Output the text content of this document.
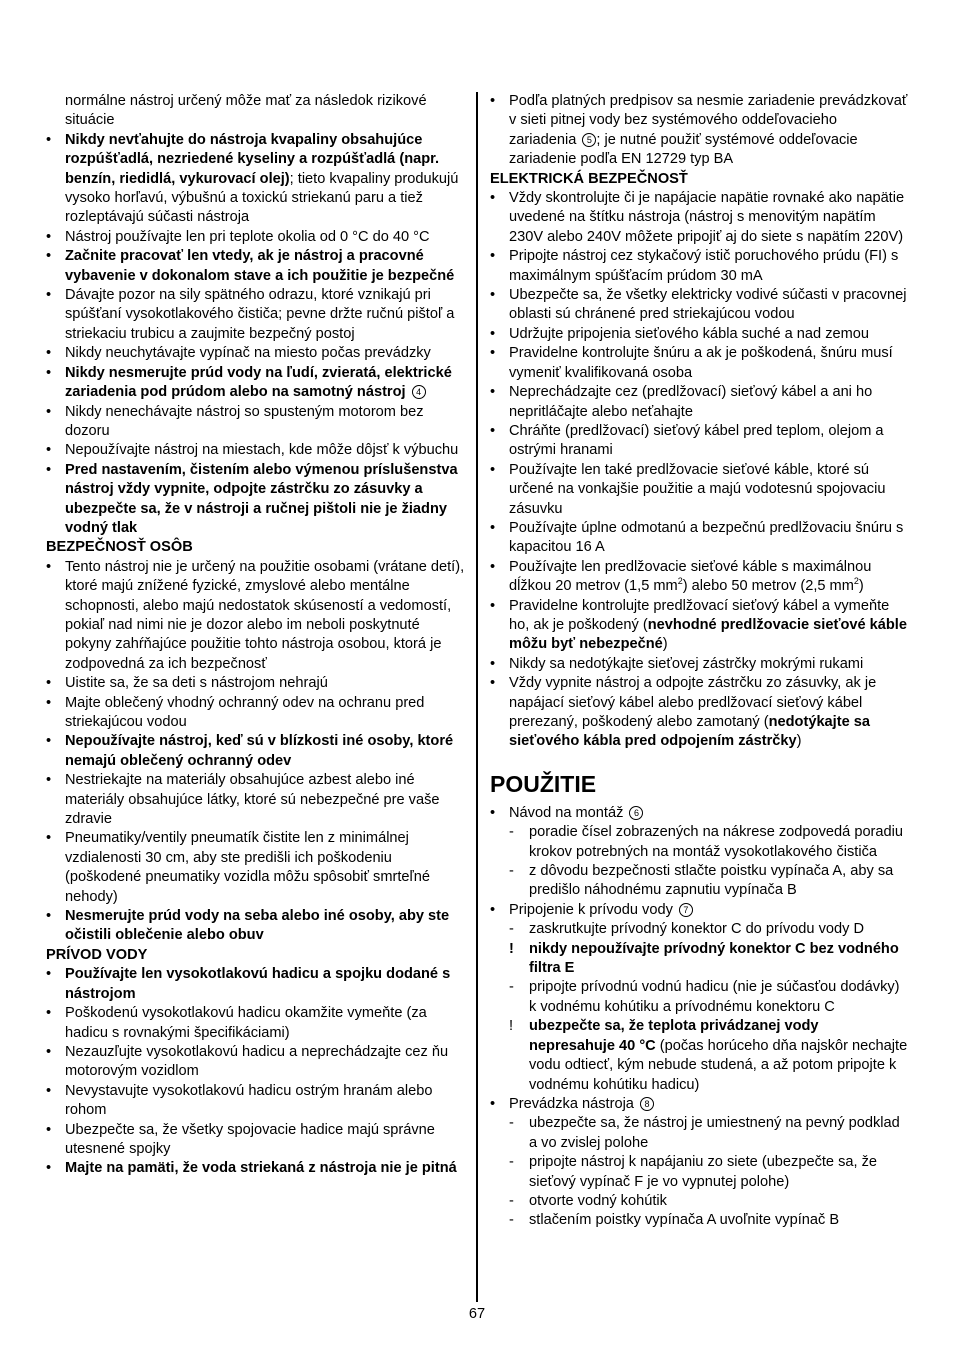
normálne nástroj určený môže mať za následok rizikové situácie
• Nikdy nevťahujte do nástroja kvapaliny obsahujúce rozpúšťadlá, nezriedené kyseliny a rozpúšťadlá (napr. benzín, riedidlá, vykurovací olej); tieto kvapaliny produkujú vysoko horľavú, výbušnú a toxickú striekanú paru a tiež rozleptávajú súčasti nástroja
• Nástroj používajte len pri teplote okolia od 0 °C do 40 °C
• Začnite pracovať len vtedy, ak je nástroj a pracovné vybavenie v dokonalom stave a ich použitie je bezpečné
• Dávajte pozor na sily spätného odrazu, ktoré vznikajú pri spúšťaní vysokotlakového čističa; pevne držte ručnú pištoľ a striekaciu trubicu a zaujmite bezpečný postoj
• Nikdy neuchytávajte vypínač na miesto počas prevádzky
• Nikdy nesmerujte prúd vody na ľudí, zvieratá, elektrické zariadenia pod prúdom alebo na samotný nástroj 4
• Nikdy nenechávajte nástroj so spusteným motorom bez dozoru
• Nepoužívajte nástroj na miestach, kde môže dôjsť k výbuchu
• Pred nastavením, čistením alebo výmenou príslušenstva nástroj vždy vypnite, odpojte zástrčku zo zásuvky a ubezpečte sa, že v nástroji a ručnej pištoli nie je žiadny vodný tlak
BEZPEČNOSŤ OSÔB
• Tento nástroj nie je určený na použitie osobami (vrátane detí), ktoré majú znížené fyzické, zmyslové alebo mentálne schopnosti, alebo majú nedostatok skúseností a vedomostí, pokiaľ nad nimi nie je dozor alebo im neboli poskytnuté pokyny zahŕňajúce použitie tohto nástroja osobou, ktorá je zodpovedná za ich bezpečnosť
• Uistite sa, že sa deti s nástrojom nehrajú
• Majte oblečený vhodný ochranný odev na ochranu pred striekajúcou vodou
• Nepoužívajte nástroj, keď sú v blízkosti iné osoby, ktoré nemajú oblečený ochranný odev
• Nestriekajte na materiály obsahujúce azbest alebo iné materiály obsahujúce látky, ktoré sú nebezpečné pre vaše zdravie
• Pneumatiky/ventily pneumatík čistite len z minimálnej vzdialenosti 30 cm, aby ste predišli ich poškodeniu (poškodené pneumatiky vozidla môžu spôsobiť smrteľné nehody)
• Nesmerujte prúd vody na seba alebo iné osoby, aby ste očistili oblečenie alebo obuv
PRÍVOD VODY
• Používajte len vysokotlakovú hadicu a spojku dodané s nástrojom
• Poškodenú vysokotlakovú hadicu okamžite vymeňte (za hadicu s rovnakými špecifikáciami)
• Nezauzľujte vysokotlakovú hadicu a neprechádzajte cez ňu motorovým vozidlom
• Nevystavujte vysokotlakovú hadicu ostrým hranám alebo rohom
• Ubezpečte sa, že všetky spojovacie hadice majú správne utesnené spojky
• Majte na pamäti, že voda striekaná z nástroja nie je pitná
• Podľa platných predpisov sa nesmie zariadenie prevádzkovať v sieti pitnej vody bez systémového oddeľovacieho zariadenia 5 ; je nutné použiť systémové oddeľovacie zariadenie podľa EN 12729 typ BA
ELEKTRICKÁ BEZPEČNOSŤ
• Vždy skontrolujte či je napájacie napätie rovnaké ako napätie uvedené na štítku nástroja (nástroj s menovitým napätím 230V alebo 240V môžete pripojiť aj do siete s napätím 220V)
• Pripojte nástroj cez stykačový istič poruchového prúdu (FI) s maximálnym spúšťacím prúdom 30 mA
• Ubezpečte sa, že všetky elektricky vodivé súčasti v pracovnej oblasti sú chránené pred striekajúcou vodou
• Udržujte pripojenia sieťového kábla suché a nad zemou
• Pravidelne kontrolujte šnúru a ak je poškodená, šnúru musí vymeniť kvalifikovaná osoba
• Neprechádzajte cez (predlžovací) sieťový kábel a ani ho nepritláčajte alebo neťahajte
• Chráňte (predlžovací) sieťový kábel pred teplom, olejom a ostrými hranami
• Používajte len také predlžovacie sieťové káble, ktoré sú určené na vonkajšie použitie a majú vodotesnú spojovaciu zásuvku
• Používajte úplne odmotanú a bezpečnú predlžovaciu šnúru s kapacitou 16 A
• Používajte len predlžovacie sieťové káble s maximálnou dĺžkou 20 metrov (1,5 $mm^2$) alebo 50 metrov (2,5 $mm^2$)
• Pravidelne kontrolujte predlžovací sieťový kábel a vymeňte ho, ak je poškodený (nevhodné predlžovacie sieťové káble môžu byť nebezpečné)
• Nikdy sa nedotýkajte sieťovej zástrčky mokrými rukami
• Vždy vypnite nástroj a odpojte zástrčku zo zásuvky, ak je napájací sieťový kábel alebo predlžovací sieťový kábel prerezaný, poškodený alebo zamotaný (nedotýkajte sa sieťového kábla pred odpojením zástrčky)
POUŽITIE
• Návod na montáž 6
- poradie čísel zobrazených na nákrese zodpovedá poradiu krokov potrebných na montáž vysokotlakového čističa
- z dôvodu bezpečnosti stlačte poistku vypínača A, aby sa predišlo náhodnému zapnutiu vypínača B
• Pripojenie k prívodu vody 7
- zaskrutkujte prívodný konektor C do prívodu vody D
! nikdy nepoužívajte prívodný konektor C bez vodného filtra E
- pripojte prívodnú vodnú hadicu (nie je súčasťou dodávky) k vodnému kohútiku a prívodnému konektoru C
! ubezpečte sa, že teplota privádzanej vody nepresahuje 40 °C (počas horúceho dňa najskôr nechajte vodu odtiecť, kým nebude studená, a až potom pripojte k vodnému kohútiku hadicu)
• Prevádzka nástroja 8
- ubezpečte sa, že nástroj je umiestnený na pevný podklad a vo zvislej polohe
- pripojte nástroj k napájaniu zo siete (ubezpečte sa, že sieťový vypínač F je vo vypnutej polohe)
- otvorte vodný kohútik
- stlačením poistky vypínača A uvoľnite vypínač B
67
